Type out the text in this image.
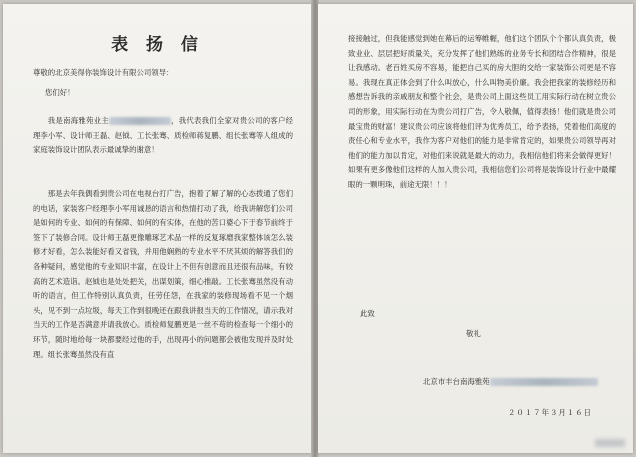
表 扬 信

尊敬的北京美得你装饰设计有限公司领导：

您们好！

我是南海雅苑业主	，我代表我们全家对贵公司的客户经理李小军、设计师王磊、赵钺、工长张骞、质检师蒋复鹏、组长张骞等人组成的家庭装饰设计团队表示最诚挚的谢意！

那是去年我偶看到贵公司在电视台打广告，抱着了解了解的心态拨通了您们的电话，家装客户经理李小军用诚恳的语言和热情打动了我，给我讲解您们公司是如何的专业、如何的有保障、如何的有实体，在他的苦口婆心下于春节前终于签下了装修合同。设计师王磊更像雕琢艺术品一样的反复琢磨我家整体该怎么装修才好看，怎么装能好看又省钱，并用他娴熟的专业水平不厌其烦的解答我们的各种疑问，感觉他的专业知识丰富，在设计上不但有创意而且还很有品味，有较高的艺术造诣。赵钺也是处处把关，出谋划策，细心推敲。工长张骞虽然没有动听的语言，但工作特别认真负责，任劳任怨，在我家的装修现场看不见一个烟头，见不到一点垃圾，每天工作到很晚还在跟我讲报当天的工作情况，请示我对当天的工作是否满意并请我放心。质检师复鹏更是一丝不苟的检查每一个细小的环节，随时地给每一块都要经过他的手，出现再小的问题都会被他发现并及时处理。组长张骞虽然没有直

接接触过，但我能感觉到她在幕后的运筹帷幄，他们这个团队个个都认真负责，极致业业、层层把好质量关，充分发挥了他们熟练的业务专长和团结合作精神，很是让我感动。老百姓买房不容易，能把自己买的房大胆的交给一家装饰公司更是不容易。我现在真正体会到了什么叫放心，什么叫物美价廉。我会把我家的装修经历和感想告诉我的亲戚朋友和整个社会，是贵公司上面这些员工用实际行动在树立贵公司的形象，用实际行动在为贵公司打广告，令人敬佩，值得表扬！他们就是贵公司最宝贵的财富！建议贵公司应该将他们评为优秀员工，给予表扬，凭着他们高度的责任心和专业水平，我作为客户对他们的能力是非常肯定的，如果贵公司领导再对他们的能力加以肯定，对他们来说就是最大的动力，我相信他们将来会做得更好！如果有更多像他们这样的人加入贵公司，我相信您们公司将是装饰设计行业中最耀眼的一颗明珠，前途无限！！！

此致

敬礼

北京市丰台南海雅苑

２０１７年３月１６日
